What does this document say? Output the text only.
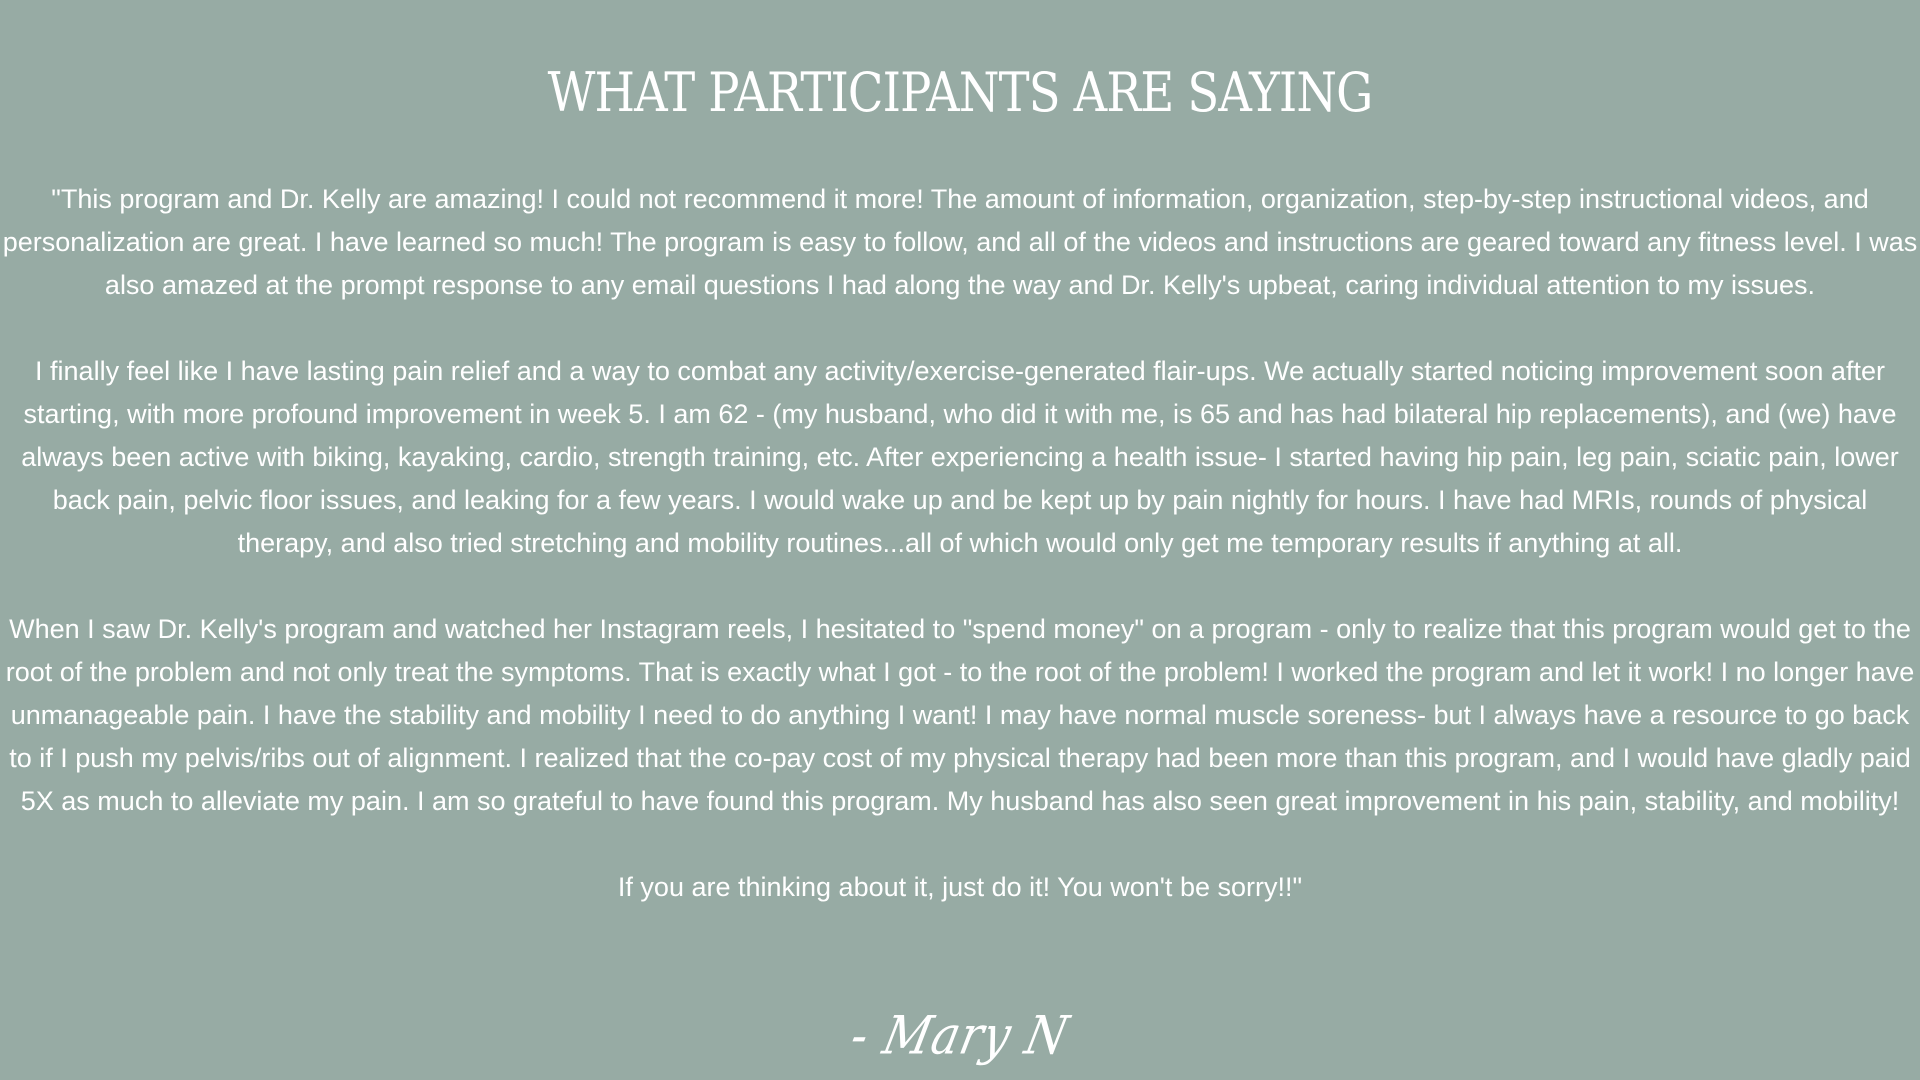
WHAT PARTICIPANTS ARE SAYING

"This program and Dr. Kelly are amazing! I could not recommend it more! The amount of information, organization, step-by-step instructional videos, and personalization are great. I have learned so much! The program is easy to follow, and all of the videos and instructions are geared toward any fitness level. I was also amazed at the prompt response to any email questions I had along the way and Dr. Kelly's upbeat, caring individual attention to my issues.

I finally feel like I have lasting pain relief and a way to combat any activity/exercise-generated flair-ups. We actually started noticing improvement soon after starting, with more profound improvement in week 5. I am 62 - (my husband, who did it with me, is 65 and has had bilateral hip replacements), and (we) have always been active with biking, kayaking, cardio, strength training, etc. After experiencing a health issue- I started having hip pain, leg pain, sciatic pain, lower back pain, pelvic floor issues, and leaking for a few years. I would wake up and be kept up by pain nightly for hours. I have had MRIs, rounds of physical therapy, and also tried stretching and mobility routines...all of which would only get me temporary results if anything at all.

When I saw Dr. Kelly's program and watched her Instagram reels, I hesitated to "spend money" on a program - only to realize that this program would get to the root of the problem and not only treat the symptoms. That is exactly what I got - to the root of the problem! I worked the program and let it work! I no longer have unmanageable pain. I have the stability and mobility I need to do anything I want! I may have normal muscle soreness- but I always have a resource to go back to if I push my pelvis/ribs out of alignment. I realized that the co-pay cost of my physical therapy had been more than this program, and I would have gladly paid 5X as much to alleviate my pain. I am so grateful to have found this program. My husband has also seen great improvement in his pain, stability, and mobility!

If you are thinking about it, just do it! You won't be sorry!!"

- Mary N
